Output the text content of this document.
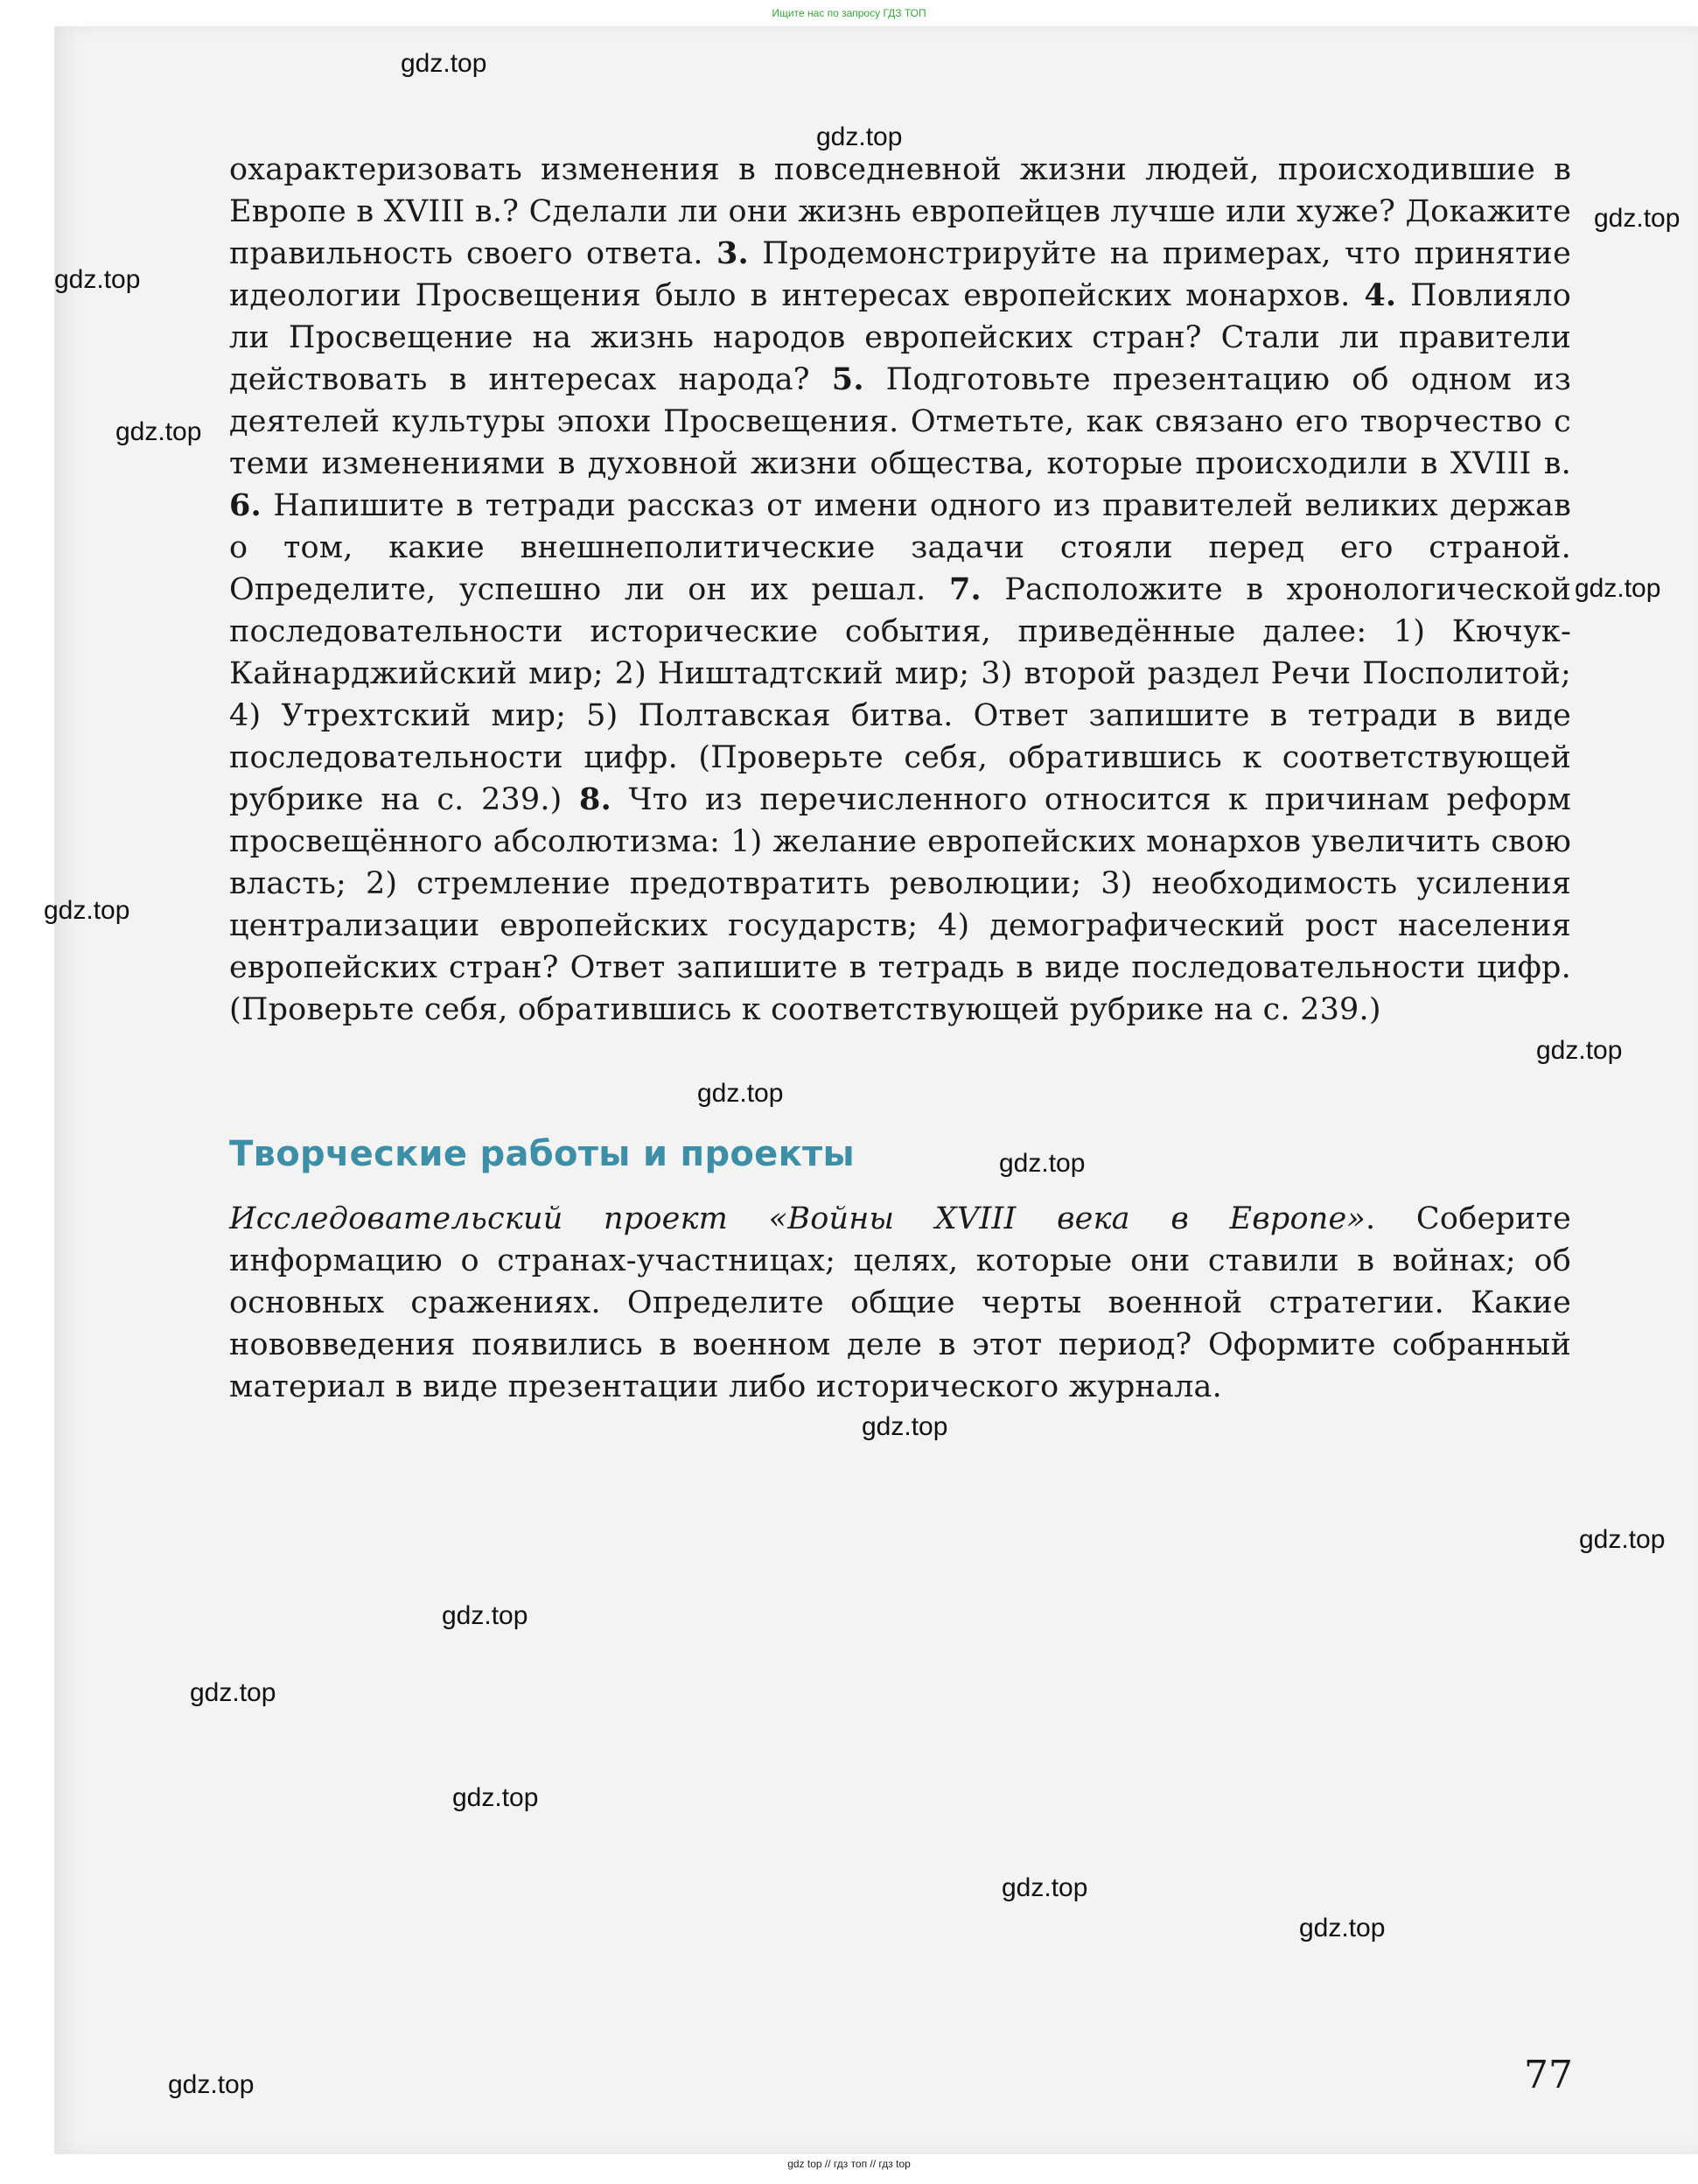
Ищите нас по запросу ГДЗ ТОП

охарактеризовать изменения в повседневной жизни людей, происходившие в Европе в XVIII в.? Сделали ли они жизнь европейцев лучше или хуже? Докажите правильность своего ответа. 3. Продемонстрируйте на примерах, что принятие идеологии Просвещения было в интересах европейских монархов. 4. Повлияло ли Просвещение на жизнь народов европейских стран? Стали ли правители действовать в интересах народа? 5. Подготовьте презентацию об одном из деятелей культуры эпохи Просвещения. Отметьте, как связано его творчество с теми изменениями в духовной жизни общества, которые происходили в XVIII в. 6. Напишите в тетради рассказ от имени одного из правителей великих держав о том, какие внешнеполитические задачи стояли перед его страной. Определите, успешно ли он их решал. 7. Расположите в хронологической последовательности исторические события, приведённые далее: 1) Кючук-Кайнарджийский мир; 2) Ништадтский мир; 3) второй раздел Речи Посполитой; 4) Утрехтский мир; 5) Полтавская битва. Ответ запишите в тетради в виде последовательности цифр. (Проверьте себя, обратившись к соответствующей рубрике на с. 239.) 8. Что из перечисленного относится к причинам реформ просвещённого абсолютизма: 1) желание европейских монархов увеличить свою власть; 2) стремление предотвратить революции; 3) необходимость усиления централизации европейских государств; 4) демографический рост населения европейских стран? Ответ запишите в тетрадь в виде последовательности цифр. (Проверьте себя, обратившись к соответствующей рубрике на с. 239.)

Творческие работы и проекты

Исследовательский проект «Войны XVIII века в Европе». Соберите информацию о странах-участницах; целях, которые они ставили в войнах; об основных сражениях. Определите общие черты военной стратегии. Какие нововведения появились в военном деле в этот период? Оформите собранный материал в виде презентации либо исторического журнала.

77
gdz top // гдз топ // гдз top
gdz.top
gdz.top
gdz.top
gdz.top
gdz.top
gdz.top
gdz.top
gdz.top
gdz.top
gdz.top
gdz.top
gdz.top
gdz.top
gdz.top
gdz.top
gdz.top
gdz.top
gdz.top
